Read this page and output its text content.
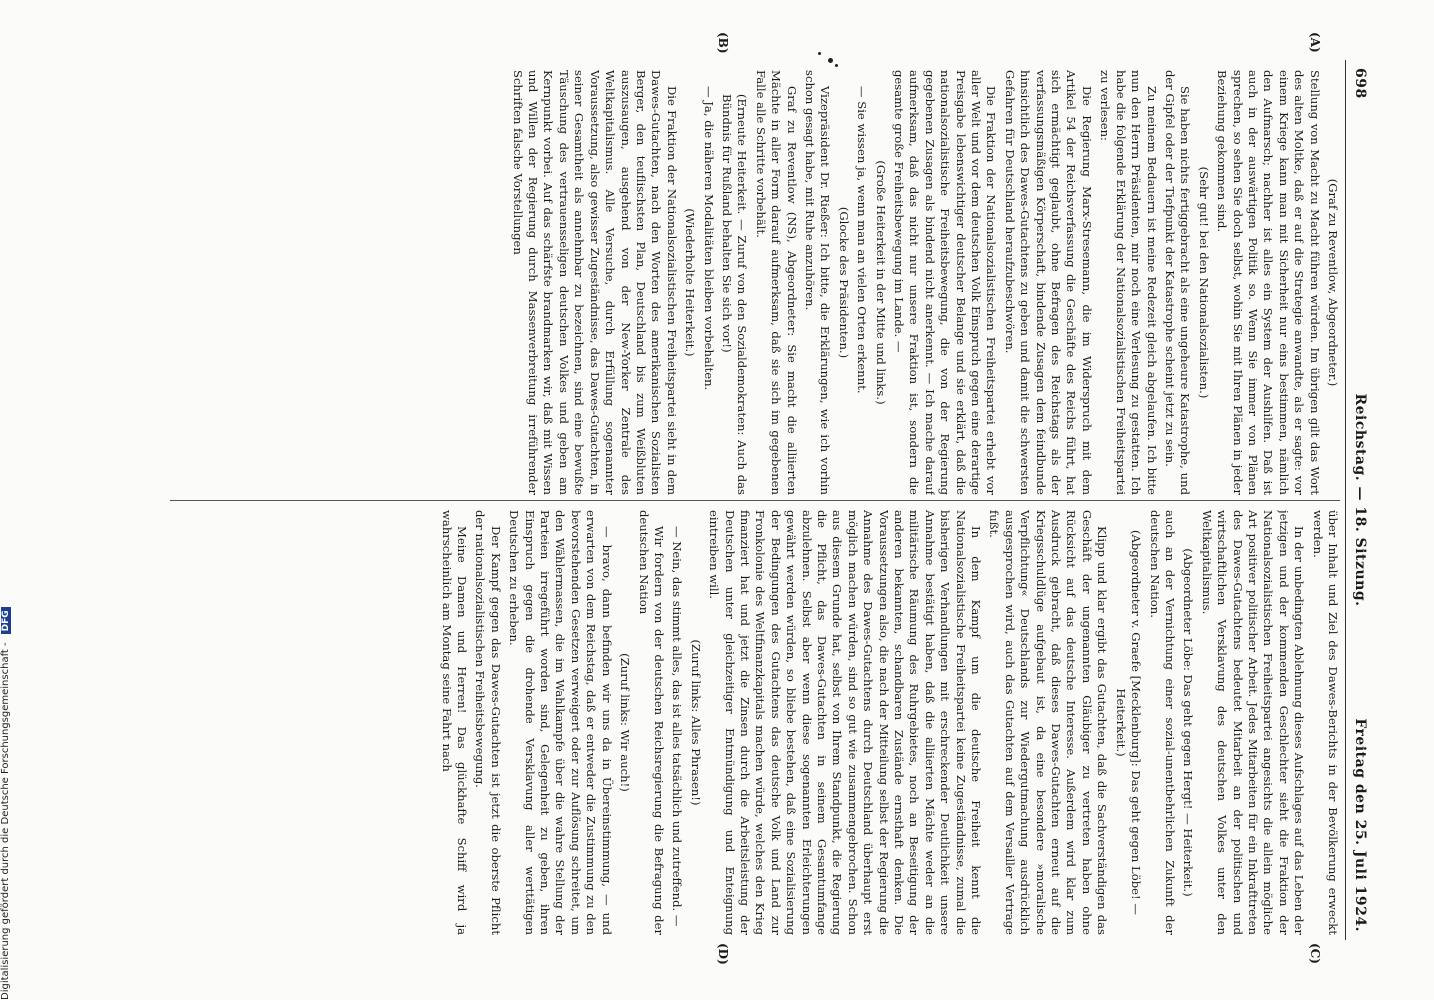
698
Reichstag. — 18. Sitzung.
Freitag den 25. Juli 1924.

(Graf zu Reventlow, Abgeordneter.)

Stellung von Macht zu Macht führen würden. Im übrigen gilt das Wort des alten Moltke, daß er auf die Strategie anwandte, als er sagte: vor einem Kriege kann man mit Sicherheit nur eins bestimmen, nämlich den Aufmarsch; nachher ist alles ein System der Aushilfen. Daß ist auch in der auswärtigen Politik so. Wenn Sie immer von Plänen sprechen, so sehen Sie doch selbst, wohin Sie mit Ihren Plänen in jeder Beziehung gekommen sind.

(Sehr gut! bei den Nationalsozialisten.)

Sie haben nichts fertiggebracht als eine ungeheure Katastrophe, und der Gipfel oder der Tiefpunkt der Katastrophe scheint jetzt zu sein.

Zu meinem Bedauern ist meine Redezeit gleich abgelaufen. Ich bitte nun den Herrn Präsidenten, mir noch eine Verlesung zu gestatten. Ich habe die folgende Erklärung der Nationalsozialistischen Freiheitspartei zu verlesen:

Die Regierung Marx-Stresemann, die im Widerspruch mit dem Artikel 54 der Reichsverfassung die Geschäfte des Reichs führt, hat sich ermächtigt geglaubt, ohne Befragen des Reichstags als der verfassungsmäßigen Körperschaft, bindende Zusagen dem feindbunde hinsichtlich des Dawes-Gutachtens zu geben und damit die schwersten Gefahren für Deutschland heraufzubeschwören.

Die Fraktion der Nationalsozialistischen Freiheitspartei erhebt vor aller Welt und vor dem deutschen Volk Einspruch gegen eine derartige Preisgabe lebenswichtiger deutscher Belange und sie erklärt, daß die nationalsozialistische Freiheitsbewegung, die von der Regierung gegebenen Zusagen als bindend nicht anerkennt. — Ich mache darauf aufmerksam, daß das nicht nur unsere Fraktion ist, sondern die gesamte große Freiheitsbewegung im Lande. —

(Große Heiterkeit in der Mitte und links.)

— Sie wissen ja, wenn man an vielen Orten erkennt.

(Glocke des Präsidenten.)

Vizepräsident Dr. Rießer: Ich bitte, die Erklärungen, wie ich vorhin schon gesagt habe, mit Ruhe anzuhören.

Graf zu Reventlow (NS), Abgeordneter: Sie macht die alliierten Mächte in aller Form darauf aufmerksam, daß sie sich im gegebenen Falle alle Schritte vorbehält.

(Erneute Heiterkeit. — Zuruf von den Sozialdemokraten: Auch das Bündnis für Rußland behalten Sie sich vor!)

— Ja, die näheren Modalitäten bleiben vorbehalten.

(Wiederholte Heiterkeit.)

Die Fraktion der Nationalsozialistischen Freiheitspartei sieht in dem Dawes-Gutachten, nach den Worten des amerikanischen Sozialisten Berger, den teuflischsten Plan, Deutschland bis zum Weißbluten auszusaugen, ausgehend von der New-Yorker Zentrale des Weltkapitalismus. Alle Versuche, durch Erfüllung sogenannter Voraussetzung, also gewisser Zugeständnisse, das Dawes-Gutachten, in seiner Gesamtheit als annehmbar zu bezeichnen, sind eine bewußte Täuschung des vertrauensseligen deutschen Volkes und geben am Kernpunkt vorbei. Auf das schärfste brandmarken wir, daß mit Wissen und Willen der Regierung durch Massenverbreitung irreführender Schriften falsche Vorstellungen

über Inhalt und Ziel des Dawes-Berichts in der Bevölkerung erweckt werden.

In der unbedingten Ablehnung dieses Aufschlages auf das Leben der jetzigen und der kommenden Geschlechter sieht die Fraktion der Nationalsozialistischen Freiheitspartei angesichts die allein mögliche Art positiver politischer Arbeit. Jedes Mitarbeiten für ein Inkrafttreten des Dawes-Gutachtens bedeutet Mitarbeit an der politischen und wirtschaftlichen Versklavung des deutschen Volkes unter den Weltkapitalismus.

(Abgeordneter Löbe: Das geht gegen Hergt! — Heiterkeit.)

auch an der Vernichtung einer sozial-unentbehrlichen Zukunft der deutschen Nation.

(Abgeordneter v. Graefe [Mecklenburg]: Das geht gegen Löbe! — Heiterkeit.)

Klipp und klar ergibt das Gutachten, daß die Sachverständigen das Geschäft der ungenannten Gläubiger zu vertreten haben ohne Rücksicht auf das deutsche Interesse. Außerdem wird klar zum Ausdruck gebracht, daß dieses Dawes-Gutachten erneut auf die Kriegsschuldlüge aufgebaut ist, da eine besondere »moralische Verpflichtung« Deutschlands zur Wiedergutmachung ausdrücklich ausgesprochen wird, auch das Gutachten auf dem Versailler Vertrage fußt.

In dem Kampf um die deutsche Freiheit kennt die Nationalsozialistische Freiheitspartei keine Zugeständnisse, zumal die bisherigen Verhandlungen mit erschreckender Deutlichkeit unsere Annahme bestätigt haben, daß die alliierten Mächte weder an die militärische Räumung des Ruhrgebietes, noch an Beseitigung der anderen bekannten, schandbaren Zustände ernsthaft denken. Die Voraussetzungen also, die nach der Mitteilung selbst der Regierung die Annahme des Dawes-Gutachtens durch Deutschland überhaupt erst möglich machen würden, sind so gut wie zusammengebrochen. Schon aus diesem Grunde hat, selbst von Ihrem Standpunkt, die Regierung die Pflicht, das Dawes-Gutachten in seinem Gesamtumfange abzulehnen. Selbst aber wenn diese sogenannten Erleichterungen gewährt werden würden, so bliebe bestehen, daß eine Sozialisierung der Bedingungen des Gutachtens das deutsche Volk und Land zur Fronkolonie des Weltfinanzkapitals machen würde, welches den Krieg finanziert hat und jetzt die Zinsen durch die Arbeitsleistung der Deutschen unter gleichzeitiger Entmündigung und Enteignung eintreiben will.

(Zuruf links: Alles Phrasen!)

— Nein, das stimmt alles, das ist alles tatsächlich und zutreffend. —

Wir fordern von der deutschen Reichsregierung die Befragung der deutschen Nation

(Zuruf links: Wir auch!)

— bravo, dann befinden wir uns da in Übereinstimmung, — und erwarten von dem Reichstag, daß er entweder die Zustimmung zu den bevorstehenden Gesetzen verweigert oder zur Auflösung schreitet, um den Wählermassen, die im Wahlkampfe über die wahre Stellung der Parteien irregeführt worden sind, Gelegenheit zu geben, ihren Einspruch gegen die drohende Versklavung aller werttätigen Deutschen zu erheben.

Der Kampf gegen das Dawes-Gutachten ist jetzt die oberste Pflicht der nationalsozialistischen Freiheitsbewegung.

Meine Damen und Herren! Das glückhafte Schiff wird ja wahrscheinlich am Montag seine Fahrt nach

(A)
(B)
(C)
(D)
Digitalisierung gefördert durch die Deutsche Forschungsgemeinschaft -DFG
